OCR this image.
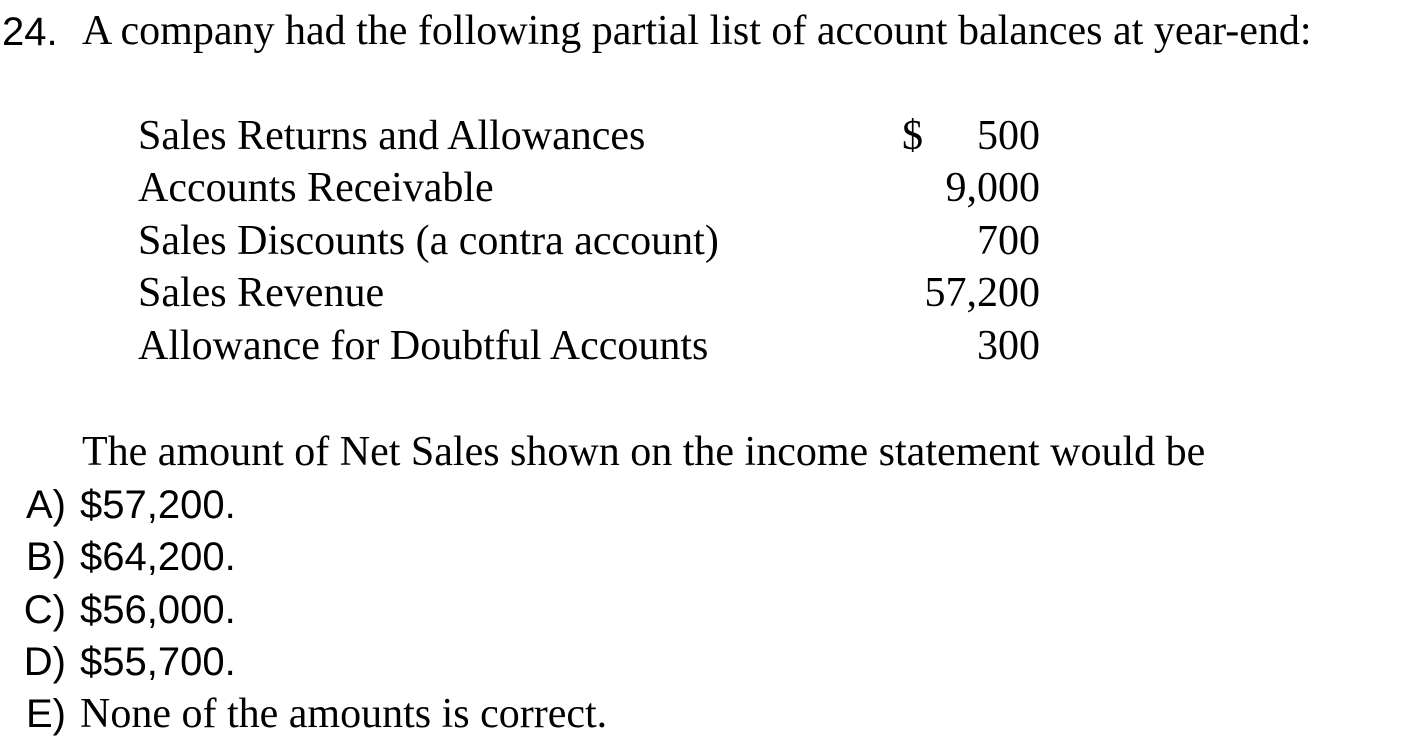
24. A company had the following partial list of account balances at year-end:
Sales Returns and Allowances	$ 500
Accounts Receivable	9,000
Sales Discounts (a contra account)	700
Sales Revenue	57,200
Allowance for Doubtful Accounts	300
The amount of Net Sales shown on the income statement would be
A) $57,200.
B) $64,200.
C) $56,000.
D) $55,700.
E) None of the amounts is correct.
